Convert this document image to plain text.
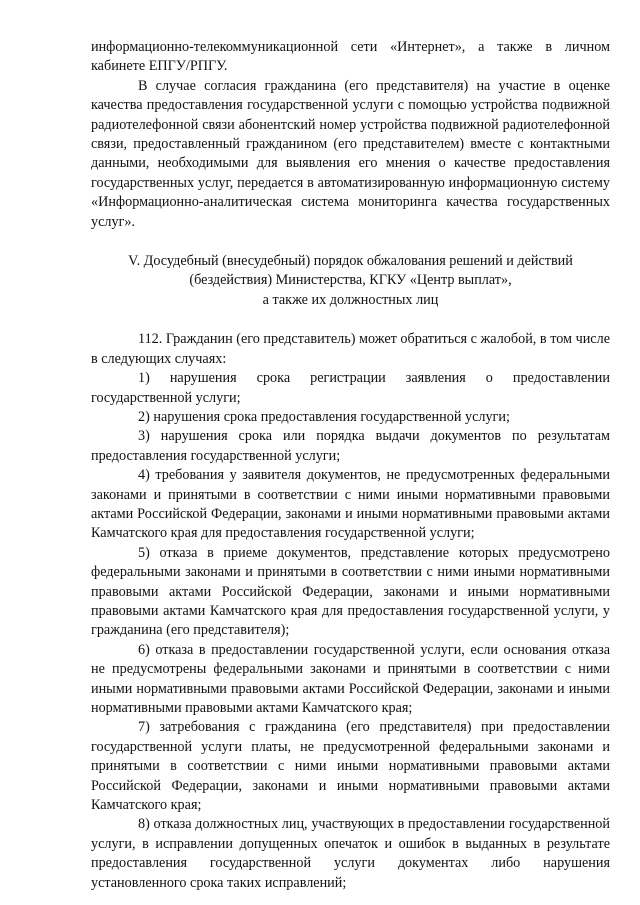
информационно-телекоммуникационной сети «Интернет», а также в личном кабинете ЕПГУ/РПГУ.

В случае согласия гражданина (его представителя) на участие в оценке качества предоставления государственной услуги с помощью устройства подвижной радиотелефонной связи абонентский номер устройства подвижной радиотелефонной связи, предоставленный гражданином (его представителем) вместе с контактными данными, необходимыми для выявления его мнения о качестве предоставления государственных услуг, передается в автоматизированную информационную систему «Информационно-аналитическая система мониторинга качества государственных услуг».

V. Досудебный (внесудебный) порядок обжалования решений и действий
(бездействия) Министерства, КГКУ «Центр выплат»,
а также их должностных лиц

112. Гражданин (его представитель) может обратиться с жалобой, в том числе в следующих случаях:

1) нарушения срока регистрации заявления о предоставлении государственной услуги;

2) нарушения срока предоставления государственной услуги;

3) нарушения срока или порядка выдачи документов по результатам предоставления государственной услуги;

4) требования у заявителя документов, не предусмотренных федеральными законами и принятыми в соответствии с ними иными нормативными правовыми актами Российской Федерации, законами и иными нормативными правовыми актами Камчатского края для предоставления государственной услуги;

5) отказа в приеме документов, представление которых предусмотрено федеральными законами и принятыми в соответствии с ними иными нормативными правовыми актами Российской Федерации, законами и иными нормативными правовыми актами Камчатского края для предоставления государственной услуги, у гражданина (его представителя);

6) отказа в предоставлении государственной услуги, если основания отказа не предусмотрены федеральными законами и принятыми в соответствии с ними иными нормативными правовыми актами Российской Федерации, законами и иными нормативными правовыми актами Камчатского края;

7) затребования с гражданина (его представителя) при предоставлении государственной услуги платы, не предусмотренной федеральными законами и принятыми в соответствии с ними иными нормативными правовыми актами Российской Федерации, законами и иными нормативными правовыми актами Камчатского края;

8) отказа должностных лиц, участвующих в предоставлении государственной услуги, в исправлении допущенных опечаток и ошибок в выданных в результате предоставления государственной услуги документах либо нарушения установленного срока таких исправлений;
